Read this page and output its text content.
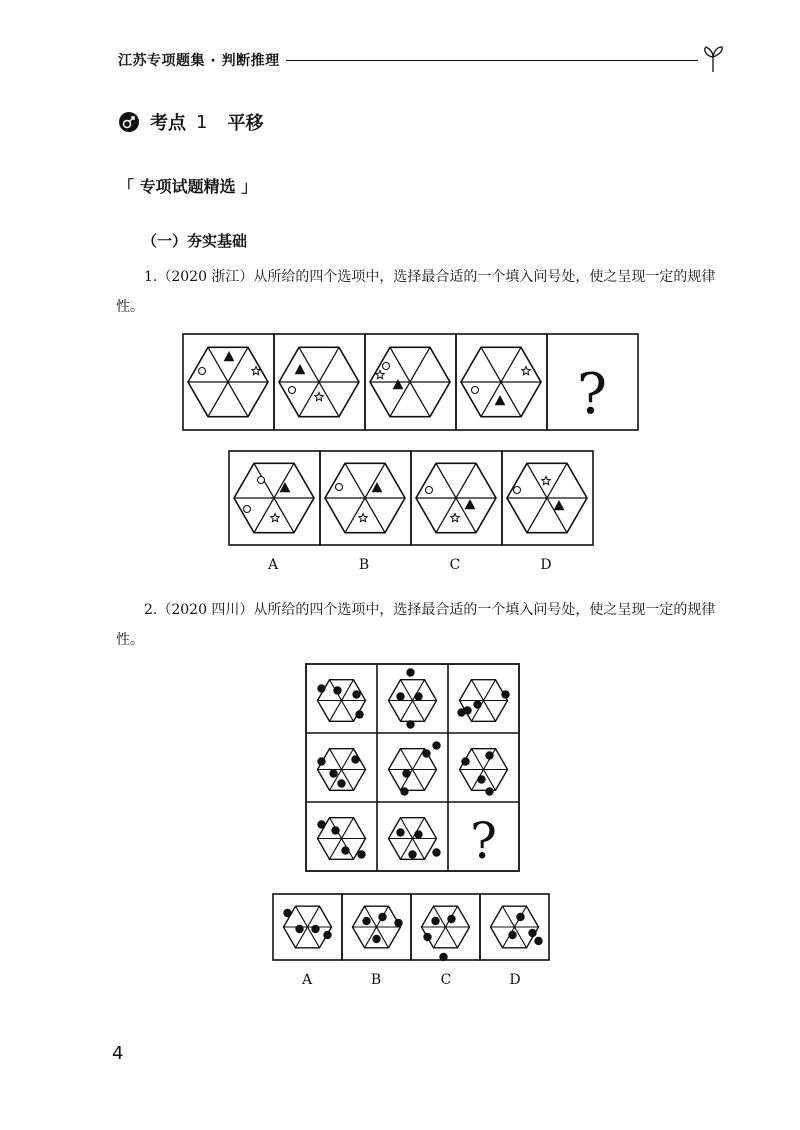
江苏专项题集 · 判断推理
考点 1 平移
「 专项试题精选 」
（一）夯实基础
1.（2020 浙江）从所给的四个选项中，选择最合适的一个填入问号处，使之呈现一定的规律性。
?
A	B	C	D
2.（2020 四川）从所给的四个选项中，选择最合适的一个填入问号处，使之呈现一定的规律性。
?
A	B	C	D
4
